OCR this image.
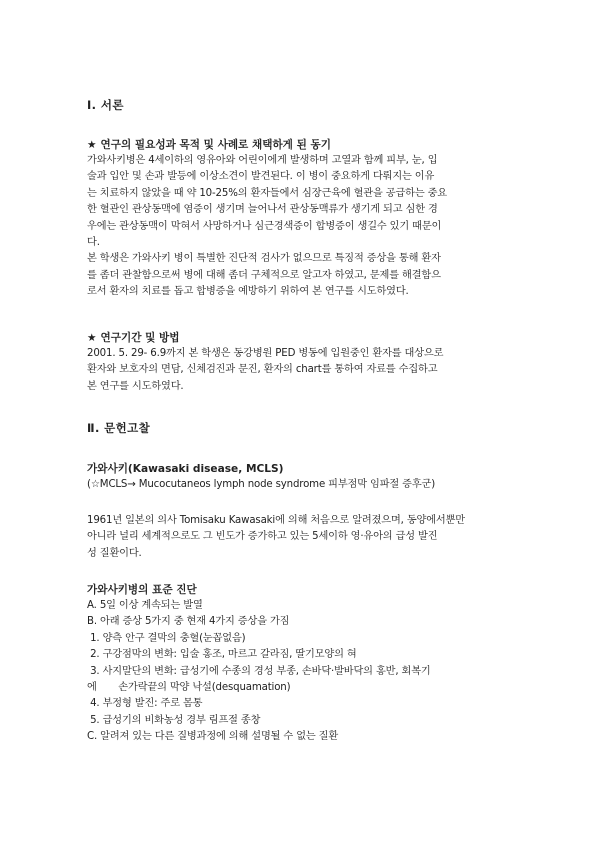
Ⅰ. 서론
★ 연구의 필요성과 목적 및 사례로 채택하게 된 동기
가와사키병은 4세이하의 영유아와 어린이에게 발생하며 고열과 함께 피부, 눈, 입
술과 입안 및 손과 발등에 이상소견이 발견된다. 이 병이 중요하게 다뤄지는 이유
는 치료하지 않았을 때 약 10-25%의 환자들에서 심장근육에 혈관을 공급하는 중요
한 혈관인 관상동맥에 염증이 생기며 늘어나서 관상동맥류가 생기게 되고 심한 경
우에는 관상동맥이 막혀서 사망하거나 심근경색증이 합병증이 생길수 있기 때문이
다.
본 학생은 가와사키 병이 특별한 진단적 검사가 없으므로 특징적 증상을 통해 환자
를 좀더 관찰함으로써 병에 대해 좀더 구체적으로 알고자 하였고, 문제를 해결함으
로서 환자의 치료를 돕고 합병증을 예방하기 위하여 본 연구를 시도하였다.
★ 연구기간 및 방법
2001. 5. 29- 6.9까지 본 학생은 동강병원 PED 병동에 입원중인 환자를 대상으로
환자와 보호자의 면담, 신체검진과 문진, 환자의 chart를 통하여 자료를 수집하고
본 연구를 시도하였다.
Ⅱ. 문헌고찰
가와사키(Kawasaki disease, MCLS)
(☆MCLS→ Mucocutaneos lymph node syndrome 피부점막 임파절 증후군)
1961년 일본의 의사 Tomisaku Kawasaki에 의해 처음으로 알려졌으며, 동양에서뿐만
아니라 널리 세계적으로도 그 빈도가 증가하고 있는 5세이하 영·유아의 급성 발진
성 질환이다.
가와사키병의 표준 진단
A. 5일 이상 계속되는 발열
B. 아래 증상 5가지 중 현재 4가지 증상을 가짐
1. 양측 안구 결막의 충혈(눈꼽없음)
2. 구강점막의 변화: 입술 홍조, 마르고 갈라짐, 딸기모양의 혀
3. 사지말단의 변화: 급성기에 수종의 경성 부종, 손바닥·발바닥의 홍반, 회복기
에       손가락끝의 막양 낙설(desquamation)
4. 부정형 발진: 주로 몸통
5. 급성기의 비화농성 경부 림프절 종창
C. 알려져 있는 다른 질병과정에 의해 설명될 수 없는 질환
